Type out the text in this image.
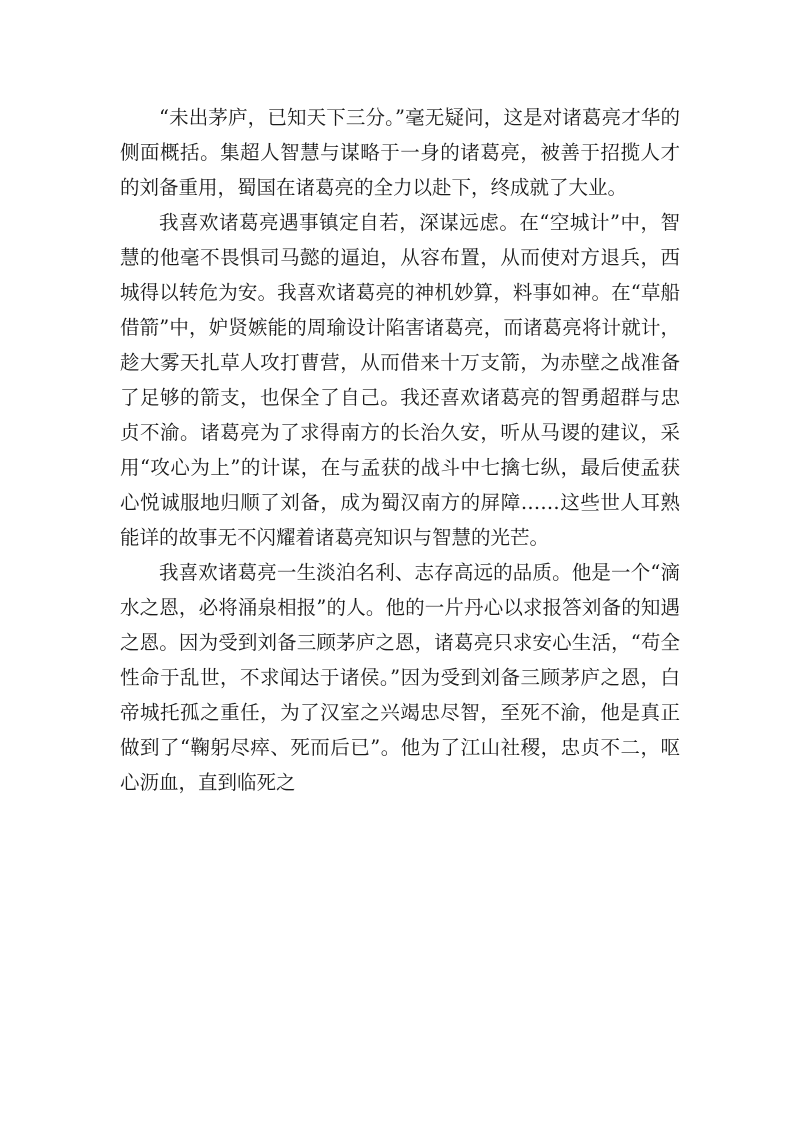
“未出茅庐，已知天下三分。”毫无疑问，这是对诸葛亮才华的侧面概括。集超人智慧与谋略于一身的诸葛亮，被善于招揽人才的刘备重用，蜀国在诸葛亮的全力以赴下，终成就了大业。

我喜欢诸葛亮遇事镇定自若，深谋远虑。在“空城计”中，智慧的他毫不畏惧司马懿的逼迫，从容布置，从而使对方退兵，西城得以转危为安。我喜欢诸葛亮的神机妙算，料事如神。在“草船借箭”中，妒贤嫉能的周瑜设计陷害诸葛亮，而诸葛亮将计就计，趁大雾天扎草人攻打曹营，从而借来十万支箭，为赤壁之战准备了足够的箭支，也保全了自己。我还喜欢诸葛亮的智勇超群与忠贞不渝。诸葛亮为了求得南方的长治久安，听从马谡的建议，采用“攻心为上”的计谋，在与孟获的战斗中七擒七纵，最后使孟获心悦诚服地归顺了刘备，成为蜀汉南方的屏障……这些世人耳熟能详的故事无不闪耀着诸葛亮知识与智慧的光芒。

我喜欢诸葛亮一生淡泊名利、志存高远的品质。他是一个“滴水之恩，必将涌泉相报”的人。他的一片丹心以求报答刘备的知遇之恩。因为受到刘备三顾茅庐之恩，诸葛亮只求安心生活，“苟全性命于乱世，不求闻达于诸侯。”因为受到刘备三顾茅庐之恩，白帝城托孤之重任，为了汉室之兴竭忠尽智，至死不渝，他是真正做到了“鞠躬尽瘁、死而后已”。他为了江山社稷，忠贞不二，呕心沥血，直到临死之
